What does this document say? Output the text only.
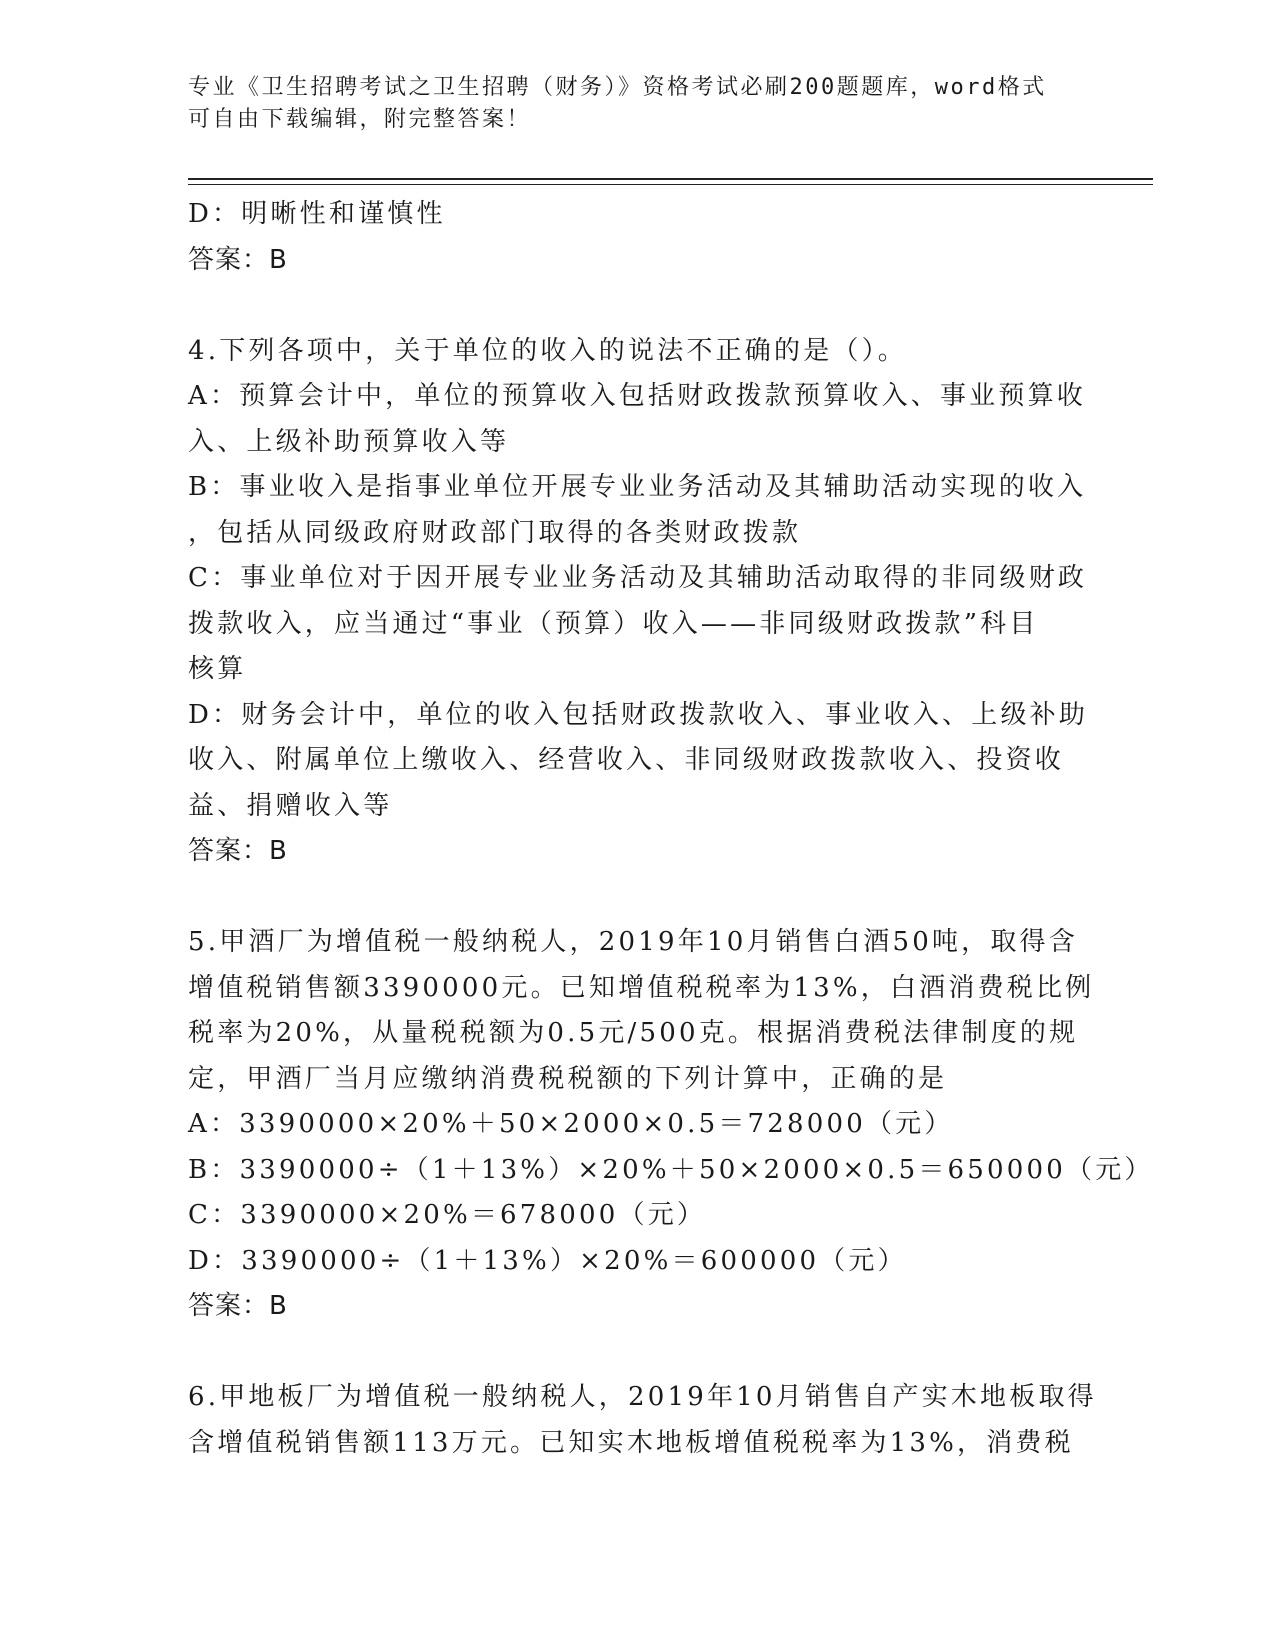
专业《卫生招聘考试之卫生招聘（财务）》资格考试必刷200题题库，word格式
可自由下载编辑，附完整答案！
D：明晰性和谨慎性
答案：B
4.下列各项中，关于单位的收入的说法不正确的是（）。
A：预算会计中，单位的预算收入包括财政拨款预算收入、事业预算收
入、上级补助预算收入等
B：事业收入是指事业单位开展专业业务活动及其辅助活动实现的收入
，包括从同级政府财政部门取得的各类财政拨款
C：事业单位对于因开展专业业务活动及其辅助活动取得的非同级财政
拨款收入，应当通过“事业（预算）收入——非同级财政拨款”科目
核算
D：财务会计中，单位的收入包括财政拨款收入、事业收入、上级补助
收入、附属单位上缴收入、经营收入、非同级财政拨款收入、投资收
益、捐赠收入等
答案：B
5.甲酒厂为增值税一般纳税人，2019年10月销售白酒50吨，取得含
增值税销售额3390000元。已知增值税税率为13%，白酒消费税比例
税率为20%，从量税税额为0.5元/500克。根据消费税法律制度的规
定，甲酒厂当月应缴纳消费税税额的下列计算中，正确的是
A：3390000×20%＋50×2000×0.5＝728000（元）
B：3390000÷（1＋13%）×20%＋50×2000×0.5＝650000（元）
C：3390000×20%＝678000（元）
D：3390000÷（1＋13%）×20%＝600000（元）
答案：B
6.甲地板厂为增值税一般纳税人，2019年10月销售自产实木地板取得
含增值税销售额113万元。已知实木地板增值税税率为13%，消费税
